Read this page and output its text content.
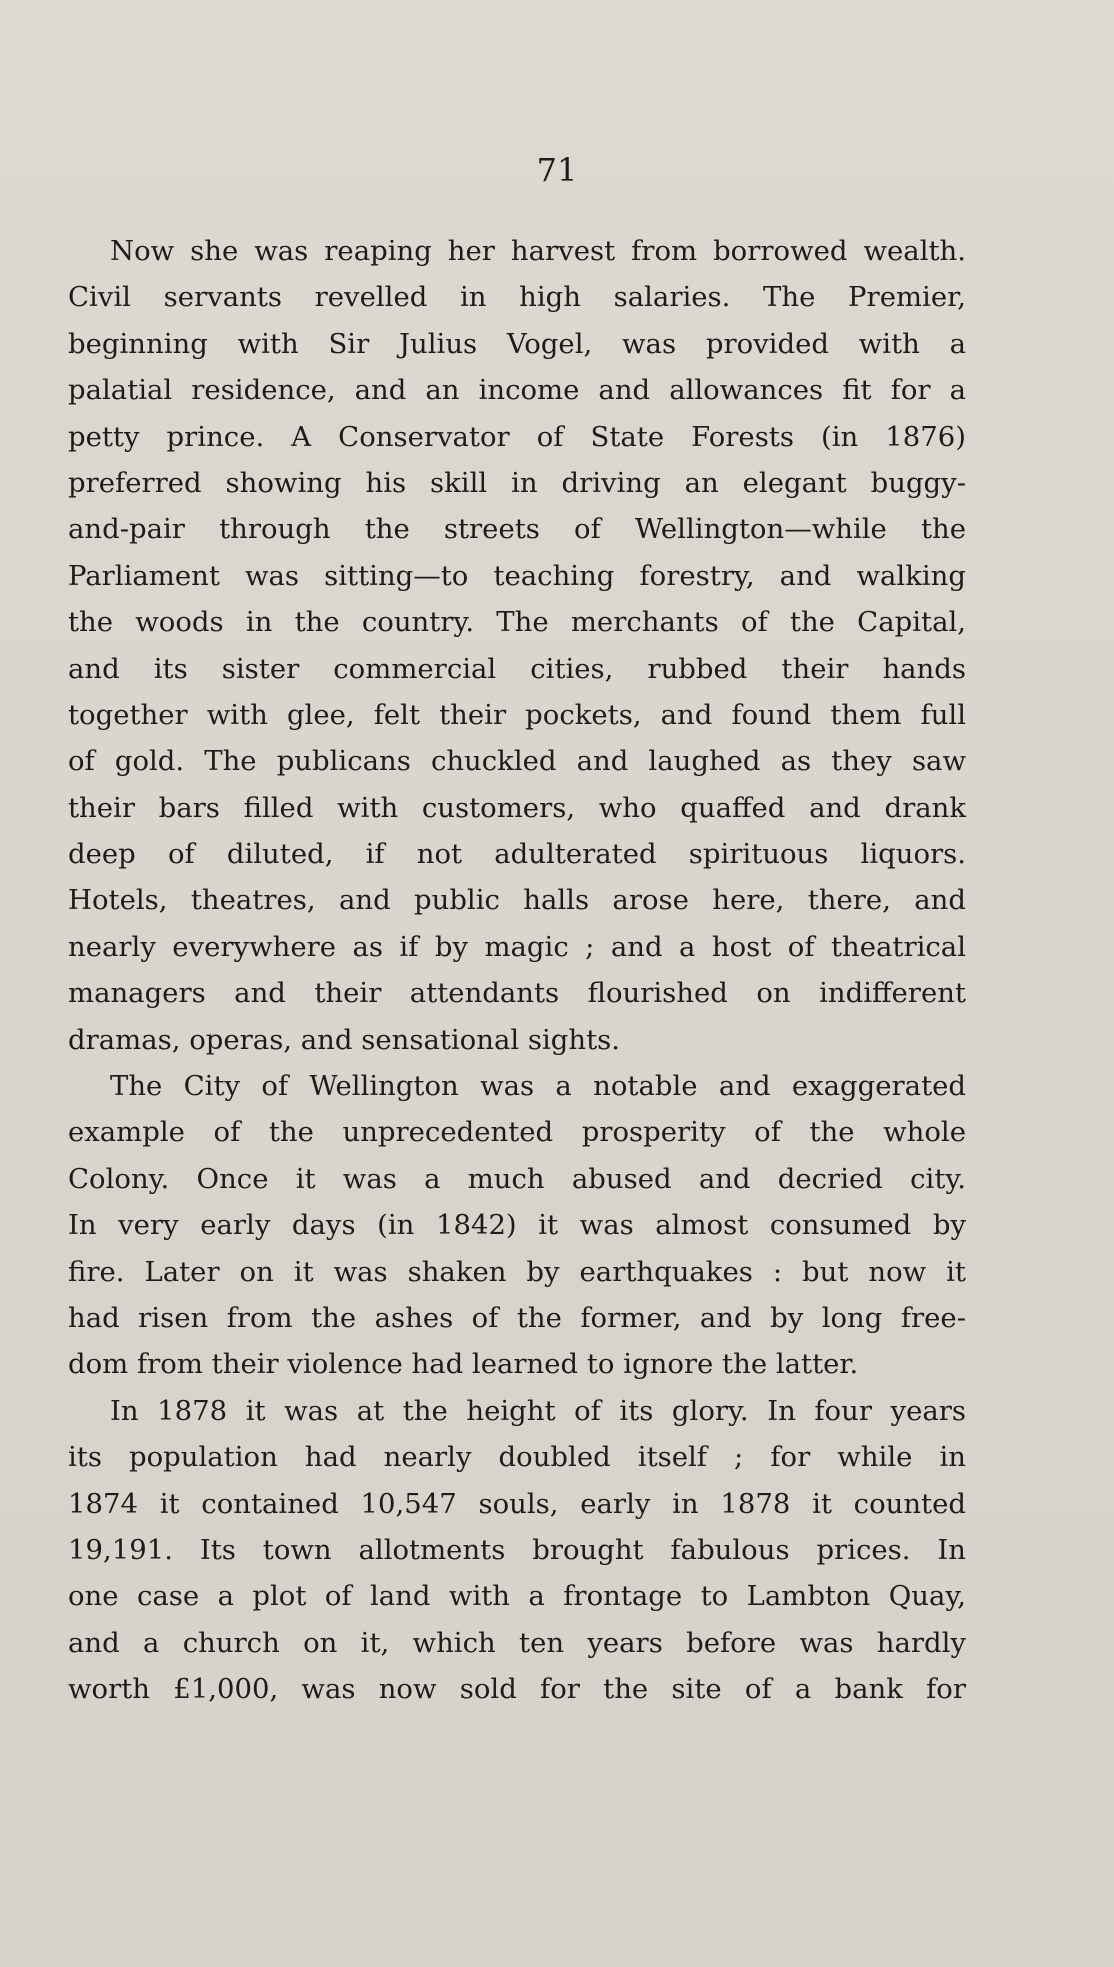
71
Now she was reaping her harvest from borrowed wealth.
Civil servants revelled in high salaries. The Premier,
beginning with Sir Julius Vogel, was provided with a
palatial residence, and an income and allowances fit for a
petty prince. A Conservator of State Forests (in 1876)
preferred showing his skill in driving an elegant buggy-
and-pair through the streets of Wellington—while the
Parliament was sitting—to teaching forestry, and walking
the woods in the country. The merchants of the Capital,
and its sister commercial cities, rubbed their hands
together with glee, felt their pockets, and found them full
of gold. The publicans chuckled and laughed as they saw
their bars filled with customers, who quaffed and drank
deep of diluted, if not adulterated spirituous liquors.
Hotels, theatres, and public halls arose here, there, and
nearly everywhere as if by magic ; and a host of theatrical
managers and their attendants flourished on indifferent
dramas, operas, and sensational sights.
The City of Wellington was a notable and exaggerated
example of the unprecedented prosperity of the whole
Colony. Once it was a much abused and decried city.
In very early days (in 1842) it was almost consumed by
fire. Later on it was shaken by earthquakes : but now it
had risen from the ashes of the former, and by long free-
dom from their violence had learned to ignore the latter.
In 1878 it was at the height of its glory. In four years
its population had nearly doubled itself ; for while in
1874 it contained 10,547 souls, early in 1878 it counted
19,191. Its town allotments brought fabulous prices. In
one case a plot of land with a frontage to Lambton Quay,
and a church on it, which ten years before was hardly
worth £1,000, was now sold for the site of a bank for
